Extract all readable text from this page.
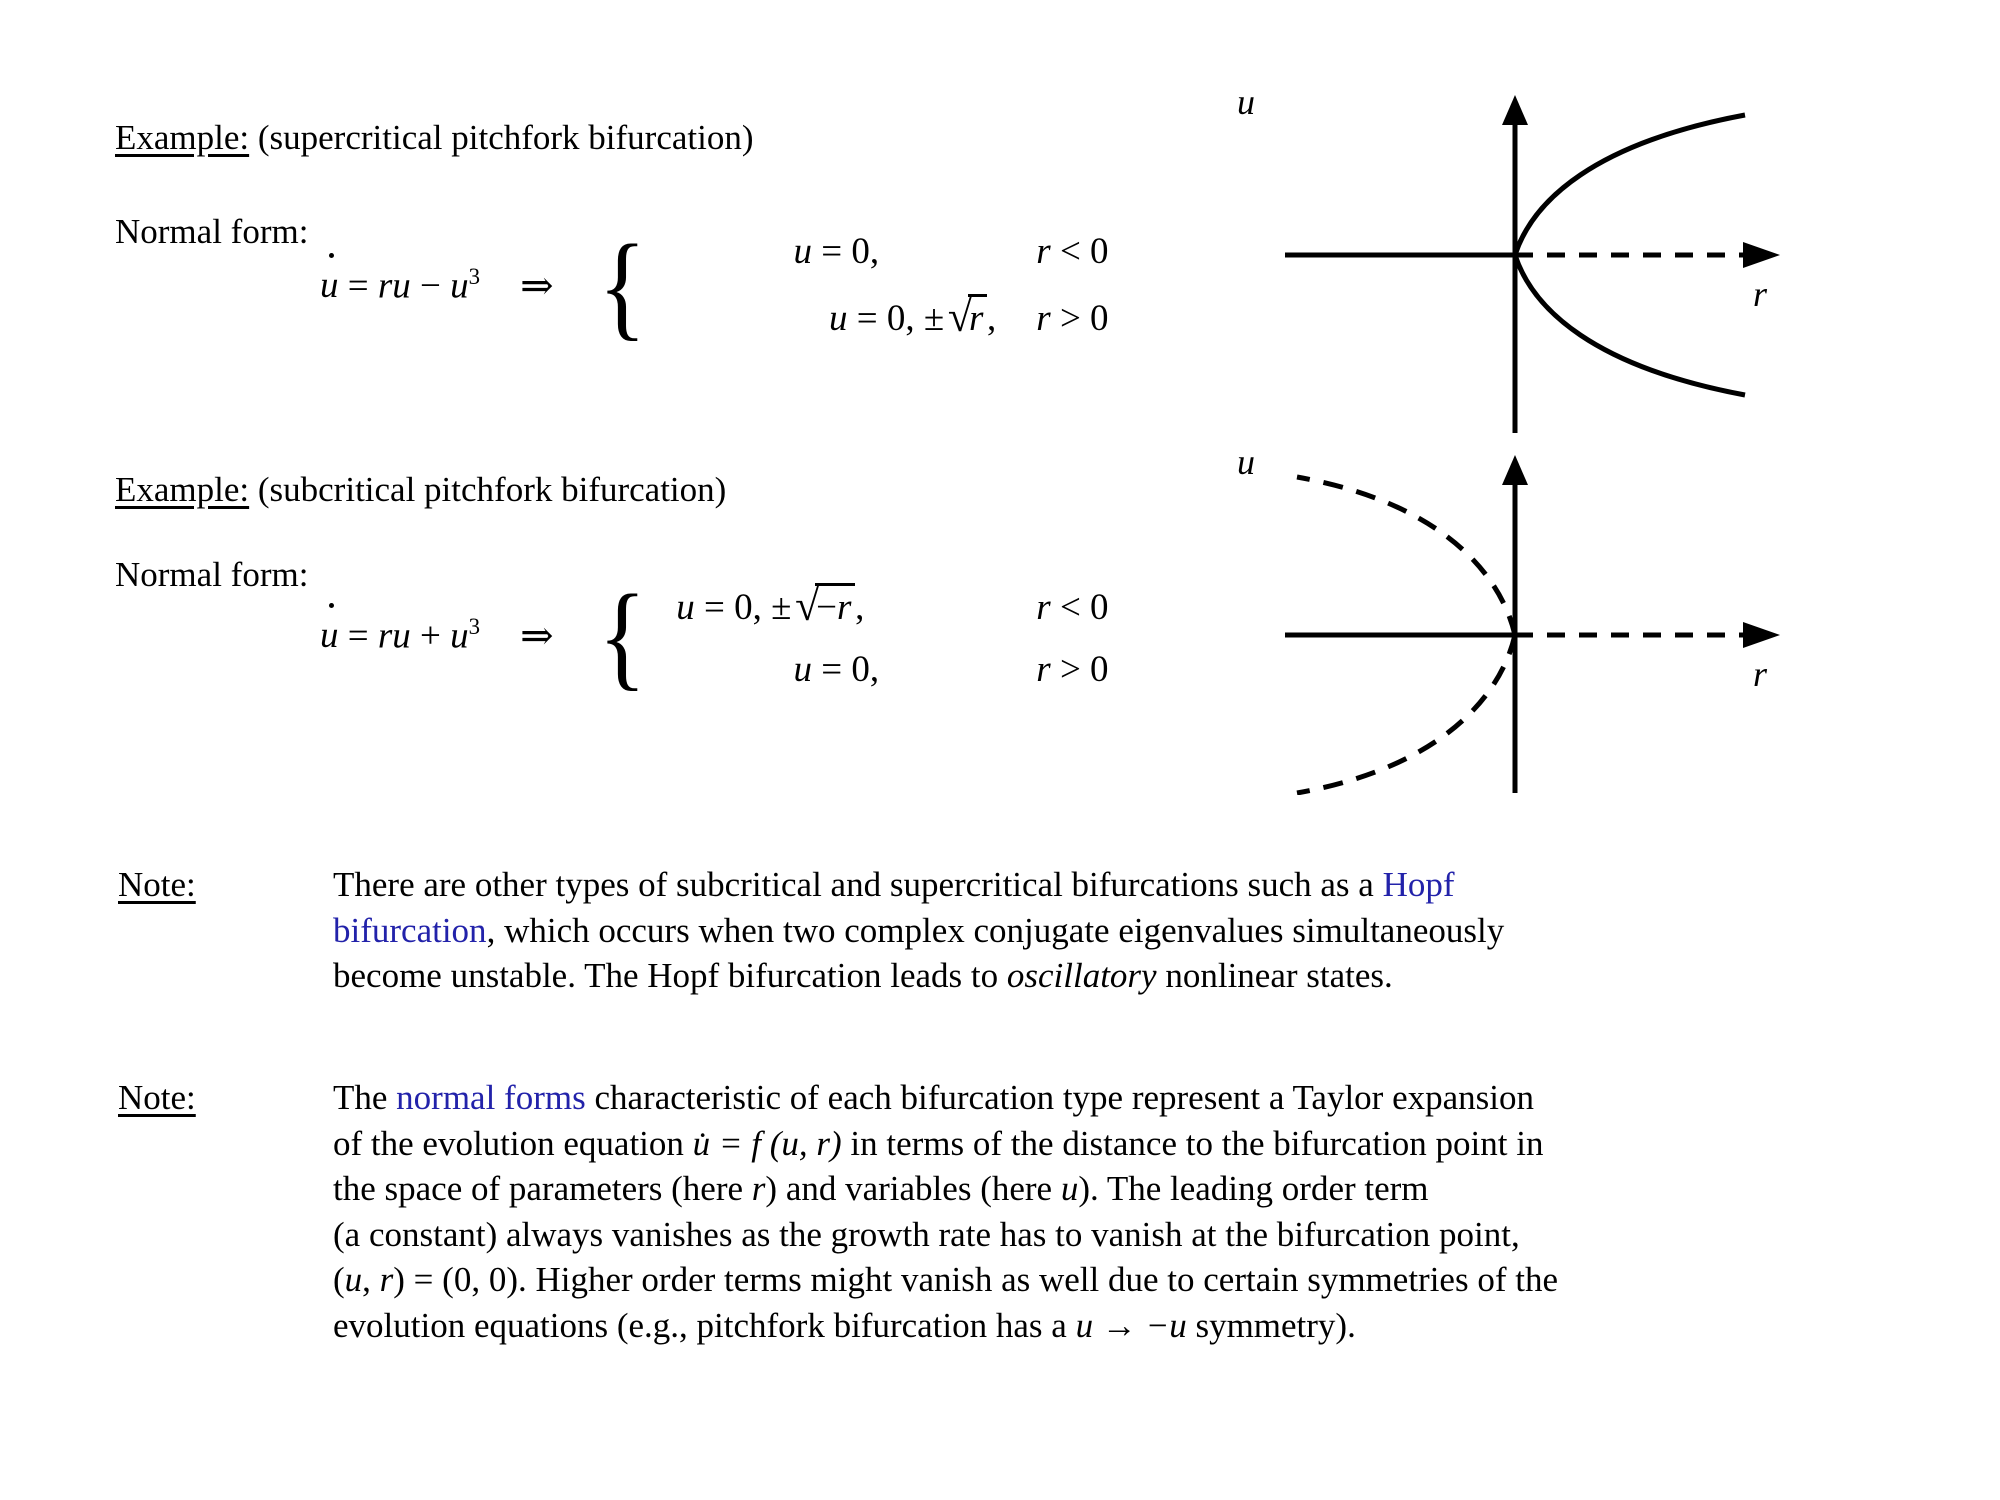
Example: (supercritical pitchfork bifurcation)
Normal form:
u = ru − $u^3$	⇒ {	u = 0,	r < 0
u = 0, ±√r,	r > 0
u
r
Example: (subcritical pitchfork bifurcation)
Normal form:
u = ru + $u^3$	⇒ { u = 0, ±√−r,	r < 0
u = 0,	r > 0
u
r
Note:	There are other types of subcritical and supercritical bifurcations such as a Hopf
bifurcation, which occurs when two complex conjugate eigenvalues simultaneously
become unstable. The Hopf bifurcation leads to oscillatory nonlinear states.
Note:	The normal forms characteristic of each bifurcation type represent a Taylor expansion
of the evolution equation u̇ = f (u, r) in terms of the distance to the bifurcation point in
the space of parameters (here r) and variables (here u). The leading order term
(a constant) always vanishes as the growth rate has to vanish at the bifurcation point,
(u, r) = (0, 0). Higher order terms might vanish as well due to certain symmetries of the
evolution equations (e.g., pitchfork bifurcation has a u → −u symmetry).
